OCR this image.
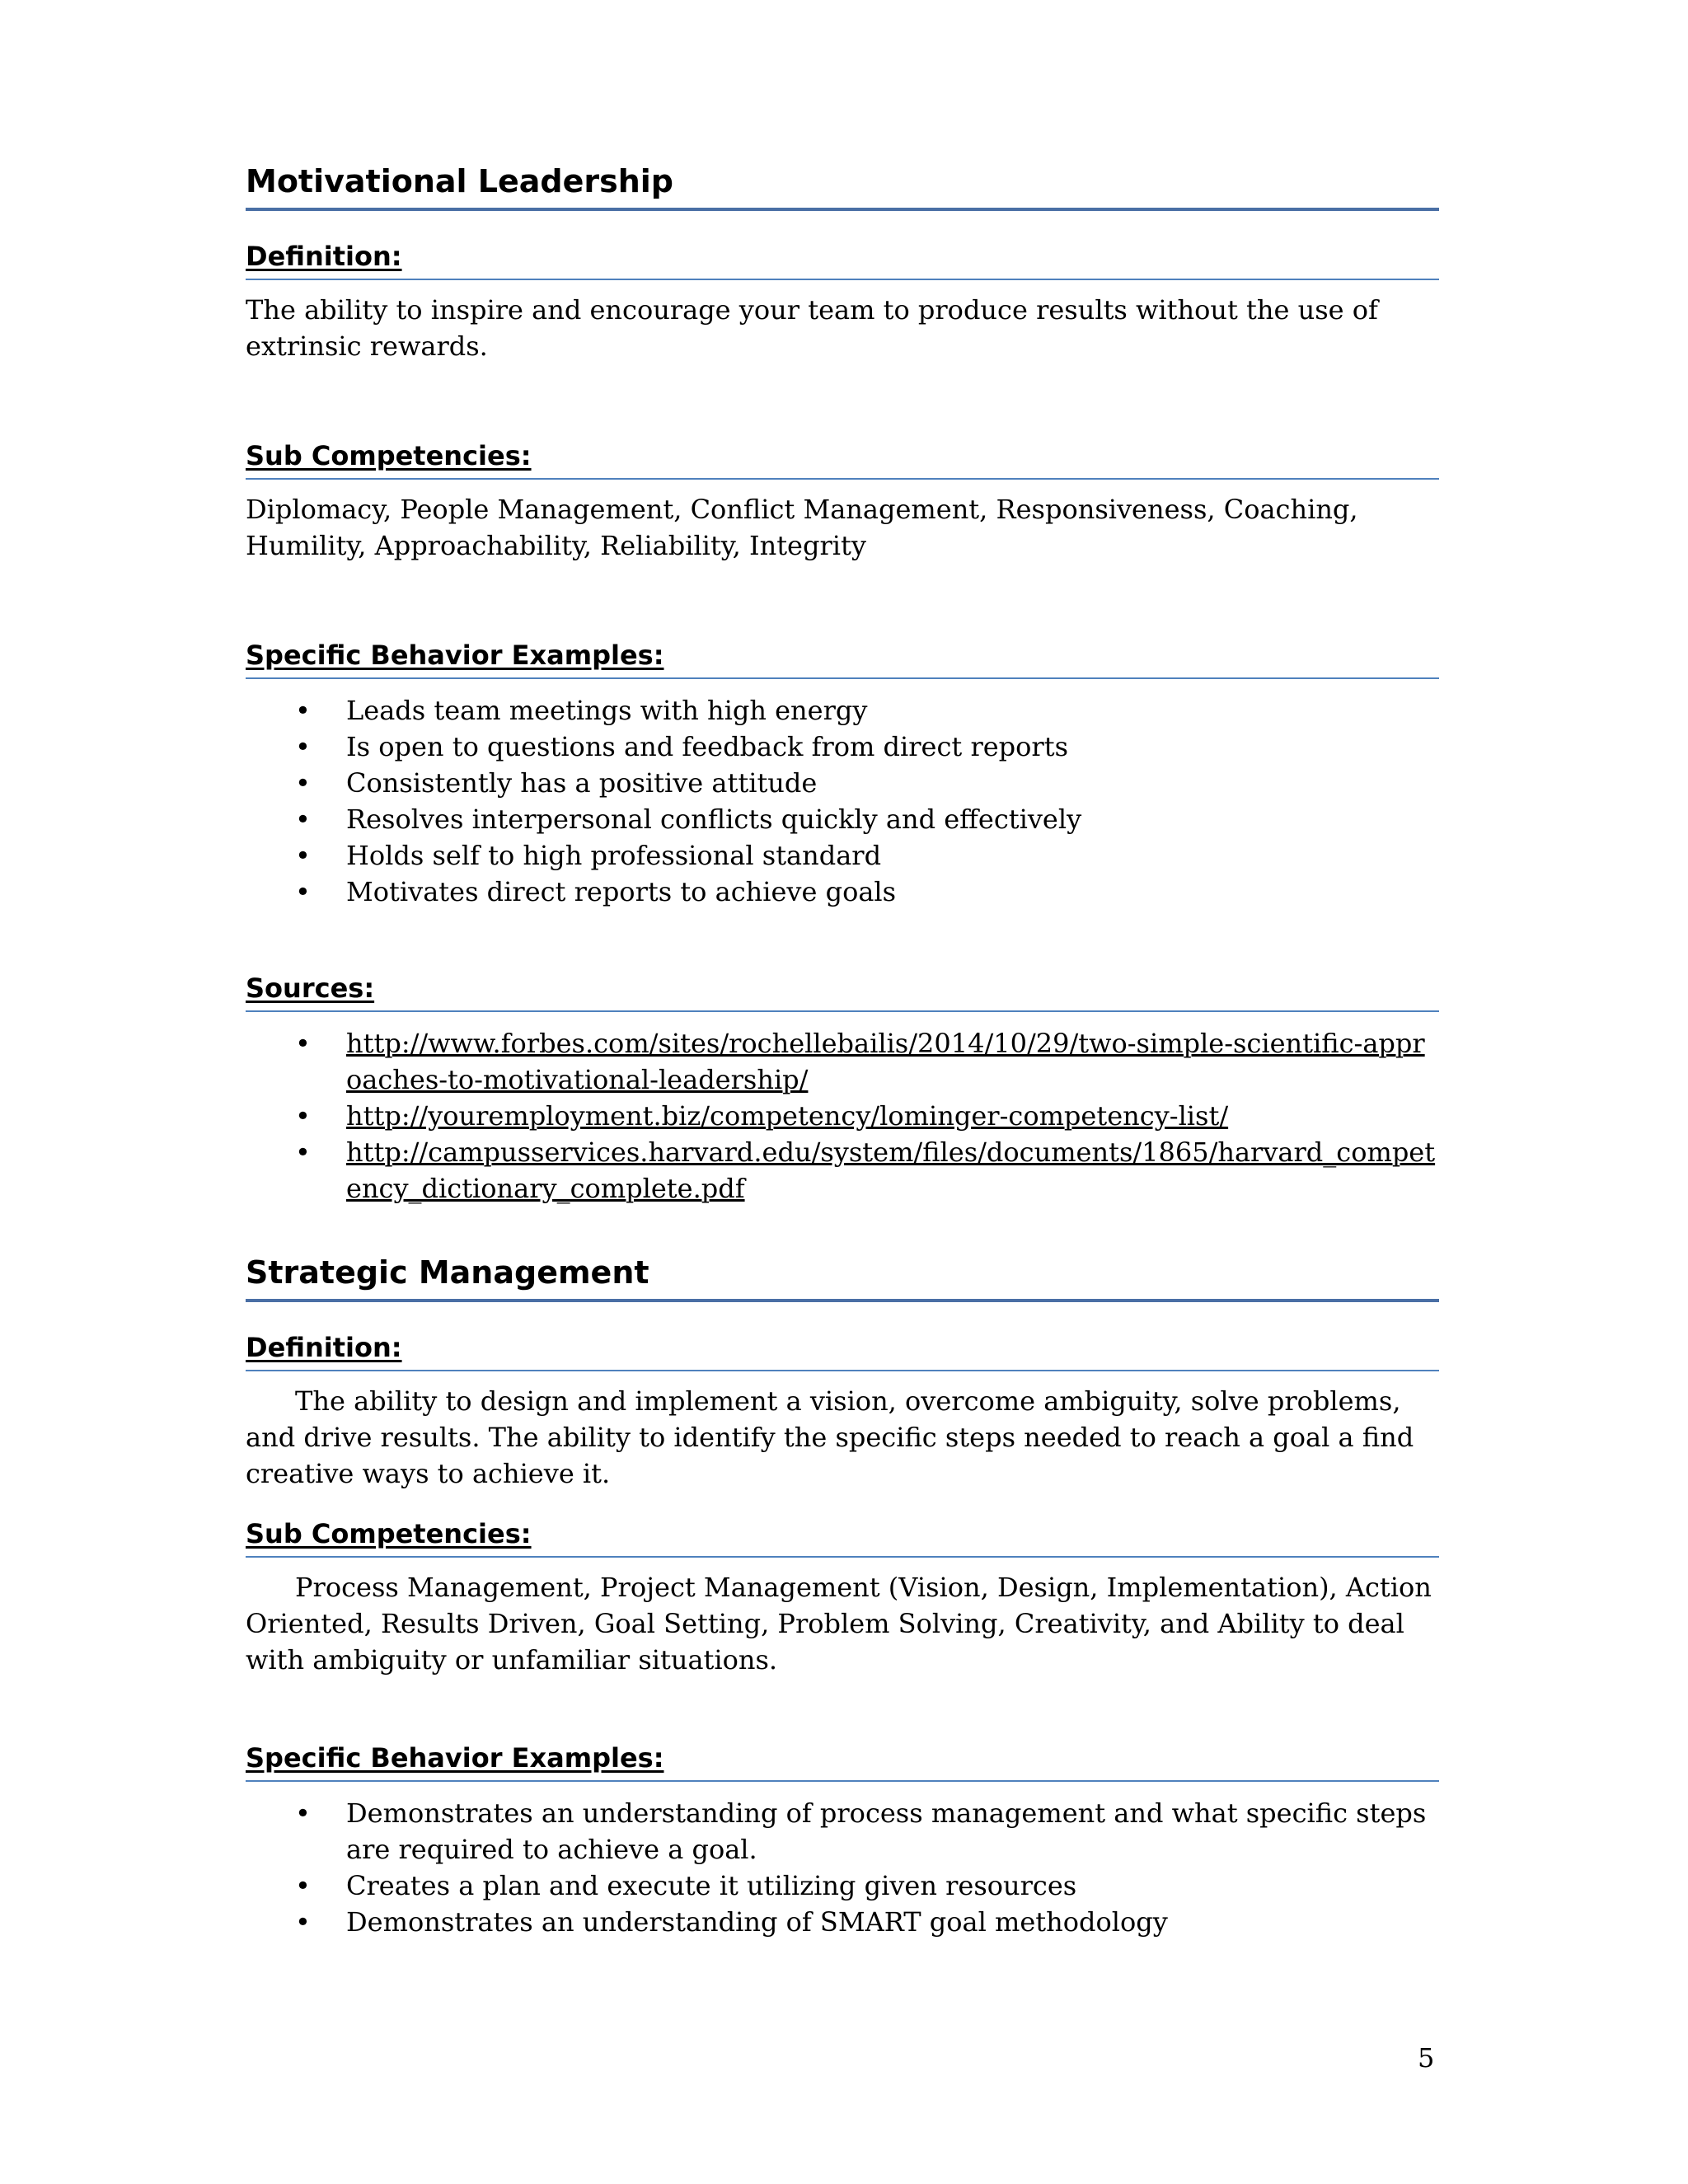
Motivational Leadership
Definition:

The ability to inspire and encourage your team to produce results without the use of extrinsic rewards.

Sub Competencies:

Diplomacy, People Management, Conflict Management, Responsiveness, Coaching, Humility, Approachability, Reliability, Integrity

Specific Behavior Examples:
• Leads team meetings with high energy
• Is open to questions and feedback from direct reports
• Consistently has a positive attitude
• Resolves interpersonal conflicts quickly and effectively
• Holds self to high professional standard
• Motivates direct reports to achieve goals
Sources:
• http://www.forbes.com/sites/rochellebailis/2014/10/29/two-simple-scientific-approaches-to-motivational-leadership/
• http://youremployment.biz/competency/lominger-competency-list/
• http://campusservices.harvard.edu/system/files/documents/1865/harvard_competency_dictionary_complete.pdf
Strategic Management
Definition:

The ability to design and implement a vision, overcome ambiguity, solve problems, and drive results. The ability to identify the specific steps needed to reach a goal a find creative ways to achieve it.

Sub Competencies:

Process Management, Project Management (Vision, Design, Implementation), Action Oriented, Results Driven, Goal Setting, Problem Solving, Creativity, and Ability to deal with ambiguity or unfamiliar situations.

Specific Behavior Examples:
• Demonstrates an understanding of process management and what specific steps are required to achieve a goal.
• Creates a plan and execute it utilizing given resources
• Demonstrates an understanding of SMART goal methodology
5
